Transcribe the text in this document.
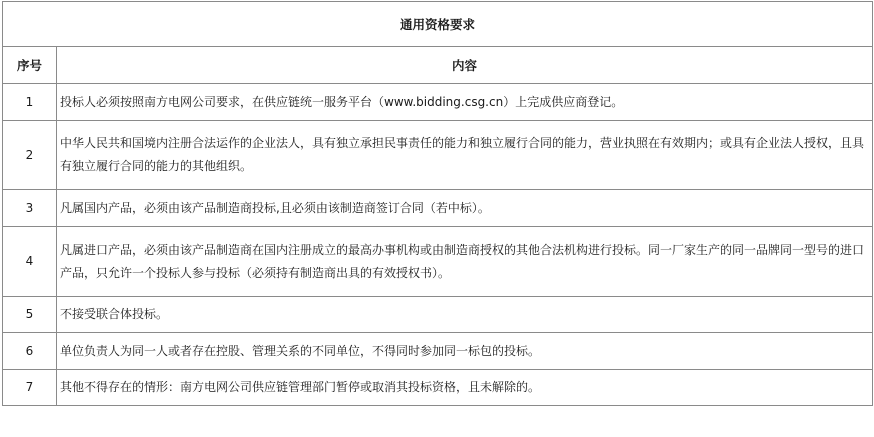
通用资格要求	
序号	内容
1	投标人必须按照南方电网公司要求，在供应链统一服务平台（www.bidding.csg.cn）上完成供应商登记。
2	中华人民共和国境内注册合法运作的企业法人，具有独立承担民事责任的能力和独立履行合同的能力，营业执照在有效期内；或具有企业法人授权，且具有独立履行合同的能力的其他组织。
3	凡属国内产品，必须由该产品制造商投标,且必须由该制造商签订合同（若中标）。
4	凡属进口产品，必须由该产品制造商在国内注册成立的最高办事机构或由制造商授权的其他合法机构进行投标。同一厂家生产的同一品牌同一型号的进口产品，只允许一个投标人参与投标（必须持有制造商出具的有效授权书）。
5	不接受联合体投标。
6	单位负责人为同一人或者存在控股、管理关系的不同单位，不得同时参加同一标包的投标。
7	其他不得存在的情形：南方电网公司供应链管理部门暂停或取消其投标资格，且未解除的。
